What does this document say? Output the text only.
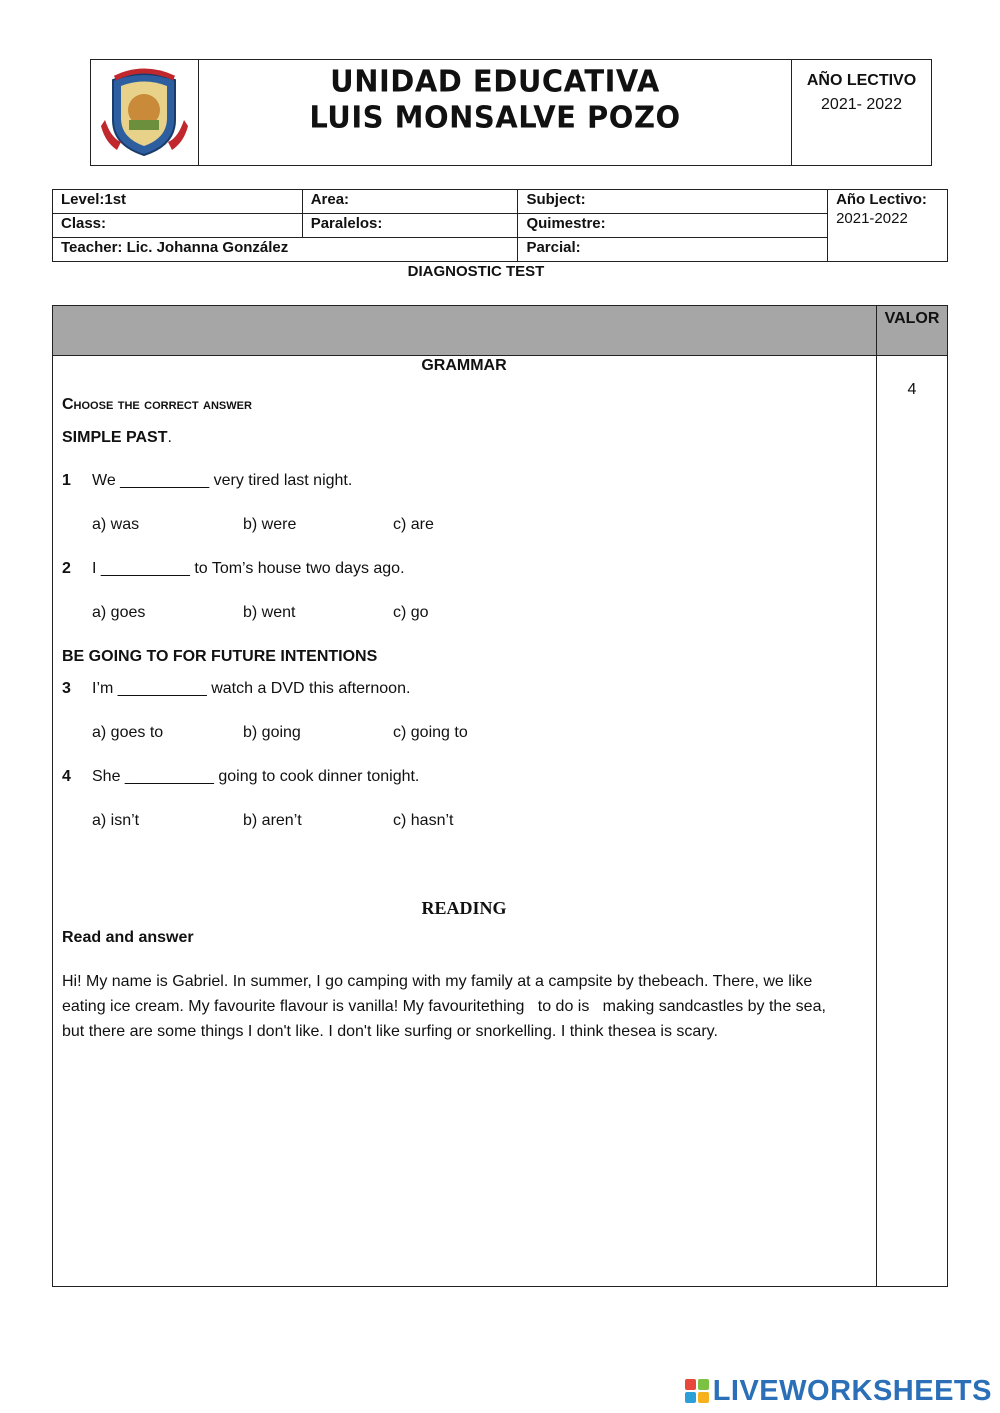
UNIDAD EDUCATIVA
LUIS MONSALVE POZO
AÑO LECTIVO
2021- 2022
Level:1st	Area:	Subject:	Año Lectivo:
2021-2022

Class:	Paralelos:	Quimestre:	
Teacher: Lic. Johanna González		Parcial:	
DIAGNOSTIC TEST
VALOR
4
GRAMMAR
Choose the correct answer
SIMPLE PAST.
1 We __________ very tired last night.
a) was	b) were	c) are
2 I __________ to Tom’s house two days ago.
a) goes	b) went	c) go
BE GOING TO FOR FUTURE INTENTIONS
3 I’m __________ watch a DVD this afternoon.
a) goes to	b) going	c) going to
4 She __________ going to cook dinner tonight.
a) isn’t	b) aren’t	c) hasn’t
READING
Read and answer
Hi! My name is Gabriel. In summer, I go camping with my family at a campsite by thebeach. There, we like
eating ice cream. My favourite flavour is vanilla! My favouritething   to do is   making sandcastles by the sea,
but there are some things I don't like. I don't like surfing or snorkelling. I think thesea is scary.
LIVEWORKSHEETS
